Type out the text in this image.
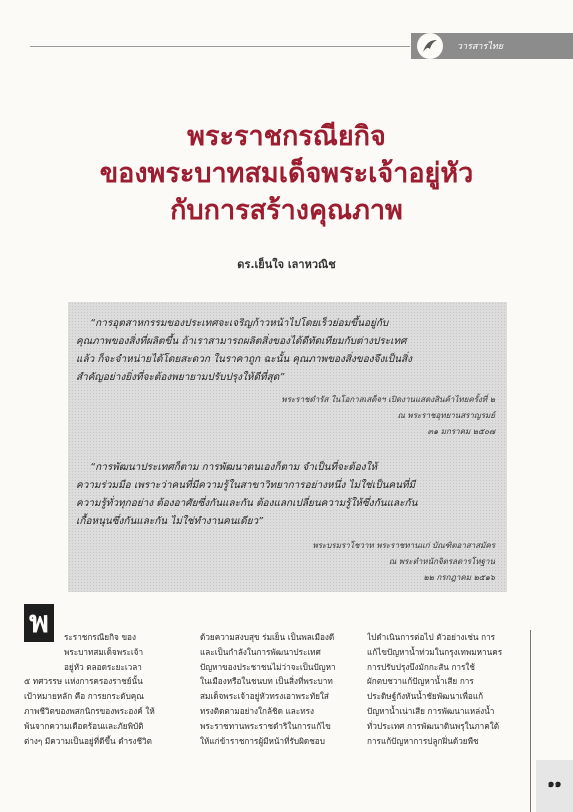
วารสารไทย
พระราชกรณียกิจ
ของพระบาทสมเด็จพระเจ้าอยู่หัว
กับการสร้างคุณภาพ
ดร.เย็นใจ เลาหวณิช

“การอุตสาหกรรมของประเทศจะเจริญก้าวหน้าไปโดยเร็วย่อมขึ้นอยู่กับ

คุณภาพของสิ่งที่ผลิตขึ้น ถ้าเราสามารถผลิตสิ่งของได้ดีทัดเทียมกับต่างประเทศ

แล้ว ก็จะจำหน่ายได้โดยสะดวก ในราคาถูก ฉะนั้น คุณภาพของสิ่งของจึงเป็นสิ่ง

สำคัญอย่างยิ่งที่จะต้องพยายามปรับปรุงให้ดีที่สุด”

พระราชดำรัส ในโอกาสเสด็จฯ เปิดงานแสดงสินค้าไทยครั้งที่ ๒

ณ พระราชอุทยานสราญรมย์

๓๑ มกราคม ๒๕๐๗

“การพัฒนาประเทศก็ตาม การพัฒนาตนเองก็ตาม จำเป็นที่จะต้องให้

ความร่วมมือ เพราะว่าคนที่มีความรู้ในสาขาวิทยาการอย่างหนึ่ง ไม่ใช่เป็นคนที่มี

ความรู้ทั่วทุกอย่าง ต้องอาศัยซึ่งกันและกัน ต้องแลกเปลี่ยนความรู้ให้ซึ่งกันและกัน

เกื้อหนุนซึ่งกันและกัน ไม่ใช่ทำงานคนเดียว”

พระบรมราโชวาท พระราชทานแก่ บัณฑิตอาสาสมัคร

ณ พระตำหนักจิตรลดารโหฐาน

๒๒ กรกฎาคม ๒๕๑๖

พ	ระราชกรณียกิจ ของ
พระบาทสมเด็จพระเจ้า
อยู่หัว ตลอดระยะเวลา
๕ ทศวรรษ แห่งการครองราชย์นั้น
เป้าหมายหลัก คือ การยกระดับคุณ
ภาพชีวิตของพสกนิกรของพระองค์ ให้
พ้นจากความเดือดร้อนและภัยพิบัติ
ต่างๆ มีความเป็นอยู่ที่ดีขึ้น ดำรงชีวิต
ด้วยความสงบสุข ร่มเย็น เป็นพลเมืองดี
และเป็นกำลังในการพัฒนาประเทศ
ปัญหาของประชาชนไม่ว่าจะเป็นปัญหา
ในเมืองหรือในชนบท เป็นสิ่งที่พระบาท
สมเด็จพระเจ้าอยู่หัวทรงเอาพระทัยใส่
ทรงติดตามอย่างใกล้ชิด และทรง
พระราชทานพระราชดำริในการแก้ไข
ให้แก่ข้าราชการผู้มีหน้าที่รับผิดชอบ
ไปดำเนินการต่อไป ตัวอย่างเช่น การ
แก้ไขปัญหาน้ำท่วมในกรุงเทพมหานคร
การปรับปรุงบึงมักกะสัน การใช้
ผักตบชวาแก้ปัญหาน้ำเสีย การ
ประดิษฐ์กังหันน้ำชัยพัฒนาเพื่อแก้
ปัญหาน้ำเน่าเสีย การพัฒนาแหล่งน้ำ
ทั่วประเทศ การพัฒนาดินพรุในภาคใต้
การแก้ปัญหาการปลูกฝิ่นด้วยพืช
๑๑
